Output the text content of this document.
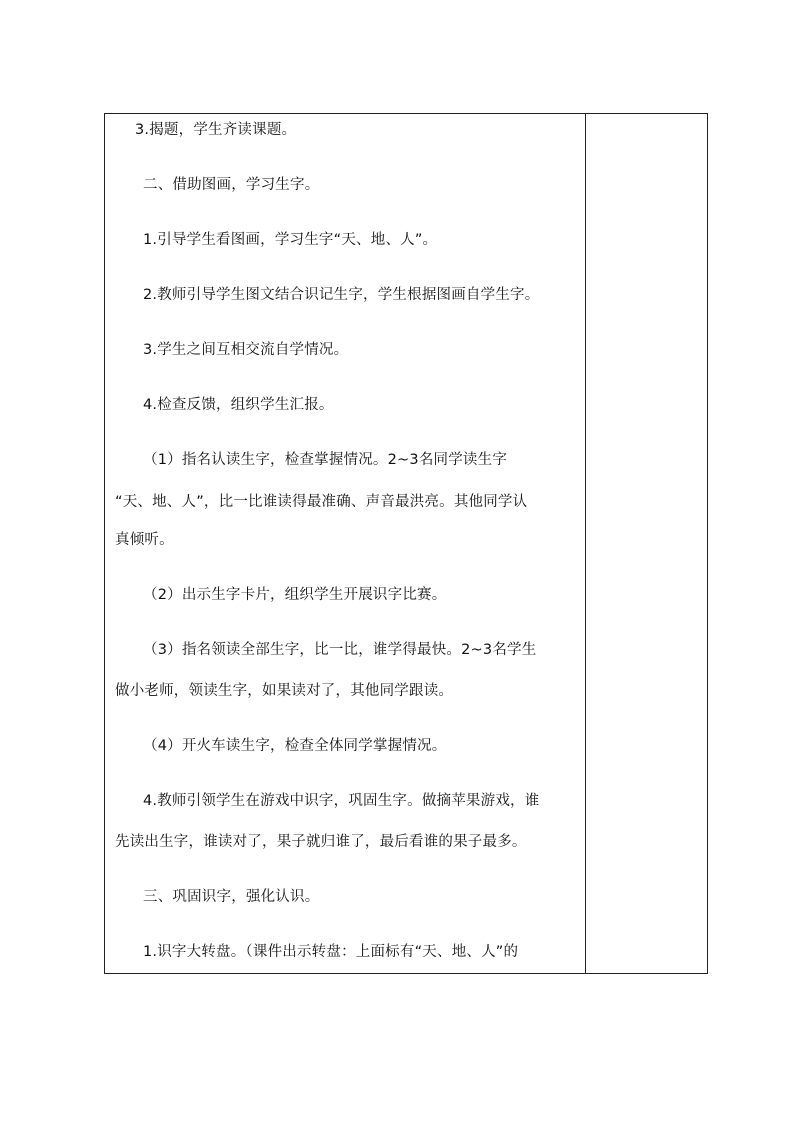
3.揭题，学生齐读课题。
二、借助图画，学习生字。
1.引导学生看图画，学习生字“天、地、人”。
2.教师引导学生图文结合识记生字，学生根据图画自学生字。
3.学生之间互相交流自学情况。
4.检查反馈，组织学生汇报。
（1）指名认读生字，检查掌握情况。2~3名同学读生字
“天、地、人”，比一比谁读得最准确、声音最洪亮。其他同学认
真倾听。
（2）出示生字卡片，组织学生开展识字比赛。
（3）指名领读全部生字，比一比，谁学得最快。2~3名学生
做小老师，领读生字，如果读对了，其他同学跟读。
（4）开火车读生字，检查全体同学掌握情况。
4.教师引领学生在游戏中识字，巩固生字。做摘苹果游戏，谁
先读出生字，谁读对了，果子就归谁了，最后看谁的果子最多。
三、巩固识字，强化认识。
1.识字大转盘。（课件出示转盘：上面标有“天、地、人”的
